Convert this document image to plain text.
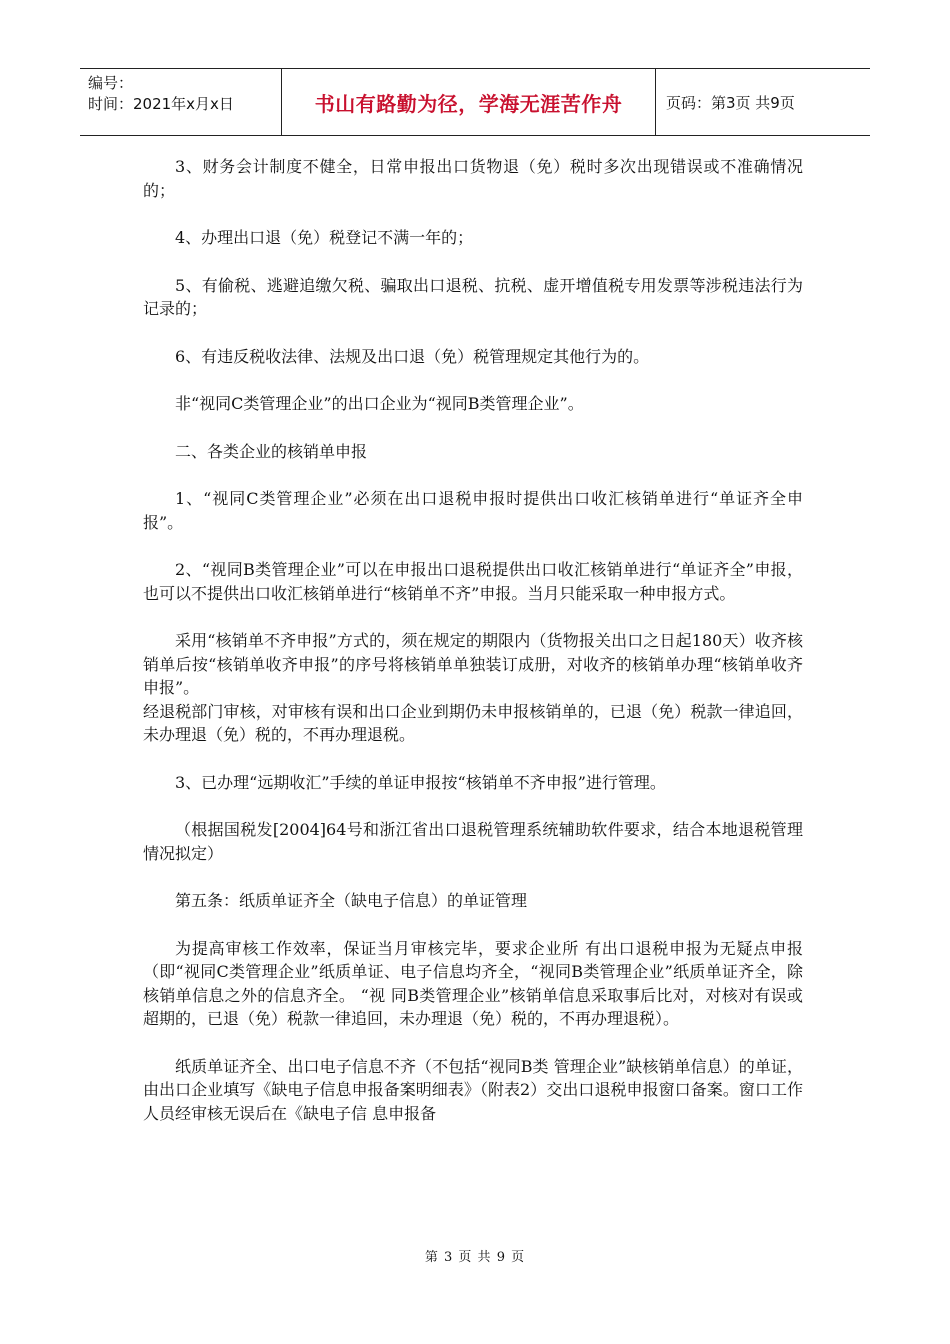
编号：
时间：2021年x月x日	书山有路勤为径，学海无涯苦作舟	页码：第3页 共9页

3、财务会计制度不健全，日常申报出口货物退（免）税时多次出现错误或不准确情况的；

4、办理出口退（免）税登记不满一年的；

5、有偷税、逃避追缴欠税、骗取出口退税、抗税、虚开增值税专用发票等涉税违法行为记录的；

6、有违反税收法律、法规及出口退（免）税管理规定其他行为的。

非“视同C类管理企业”的出口企业为“视同B类管理企业”。

二、各类企业的核销单申报

1、“视同C类管理企业”必须在出口退税申报时提供出口收汇核销单进行“单证齐全申报”。

2、“视同B类管理企业”可以在申报出口退税提供出口收汇核销单进行“单证齐全”申报，也可以不提供出口收汇核销单进行“核销单不齐”申报。当月只能采取一种申报方式。

采用“核销单不齐申报”方式的，须在规定的期限内（货物报关出口之日起180天）收齐核销单后按“核销单收齐申报”的序号将核销单单独装订成册，对收齐的核销单办理“核销单收齐申报”。

经退税部门审核，对审核有误和出口企业到期仍未申报核销单的，已退（免）税款一律追回，未办理退（免）税的，不再办理退税。

3、已办理“远期收汇”手续的单证申报按“核销单不齐申报”进行管理。

（根据国税发[2004]64号和浙江省出口退税管理系统辅助软件要求，结合本地退税管理情况拟定）

第五条：纸质单证齐全（缺电子信息）的单证管理

为提高审核工作效率，保证当月审核完毕，要求企业所 有出口退税申报为无疑点申报（即“视同C类管理企业”纸质单证、电子信息均齐全，“视同B类管理企业”纸质单证齐全，除核销单信息之外的信息齐全。 “视 同B类管理企业”核销单信息采取事后比对，对核对有误或超期的，已退（免）税款一律追回，未办理退（免）税的，不再办理退税）。

纸质单证齐全、出口电子信息不齐（不包括“视同B类 管理企业”缺核销单信息）的单证，由出口企业填写《缺电子信息申报备案明细表》（附表2）交出口退税申报窗口备案。窗口工作人员经审核无误后在《缺电子信 息申报备

第 3 页 共 9 页
